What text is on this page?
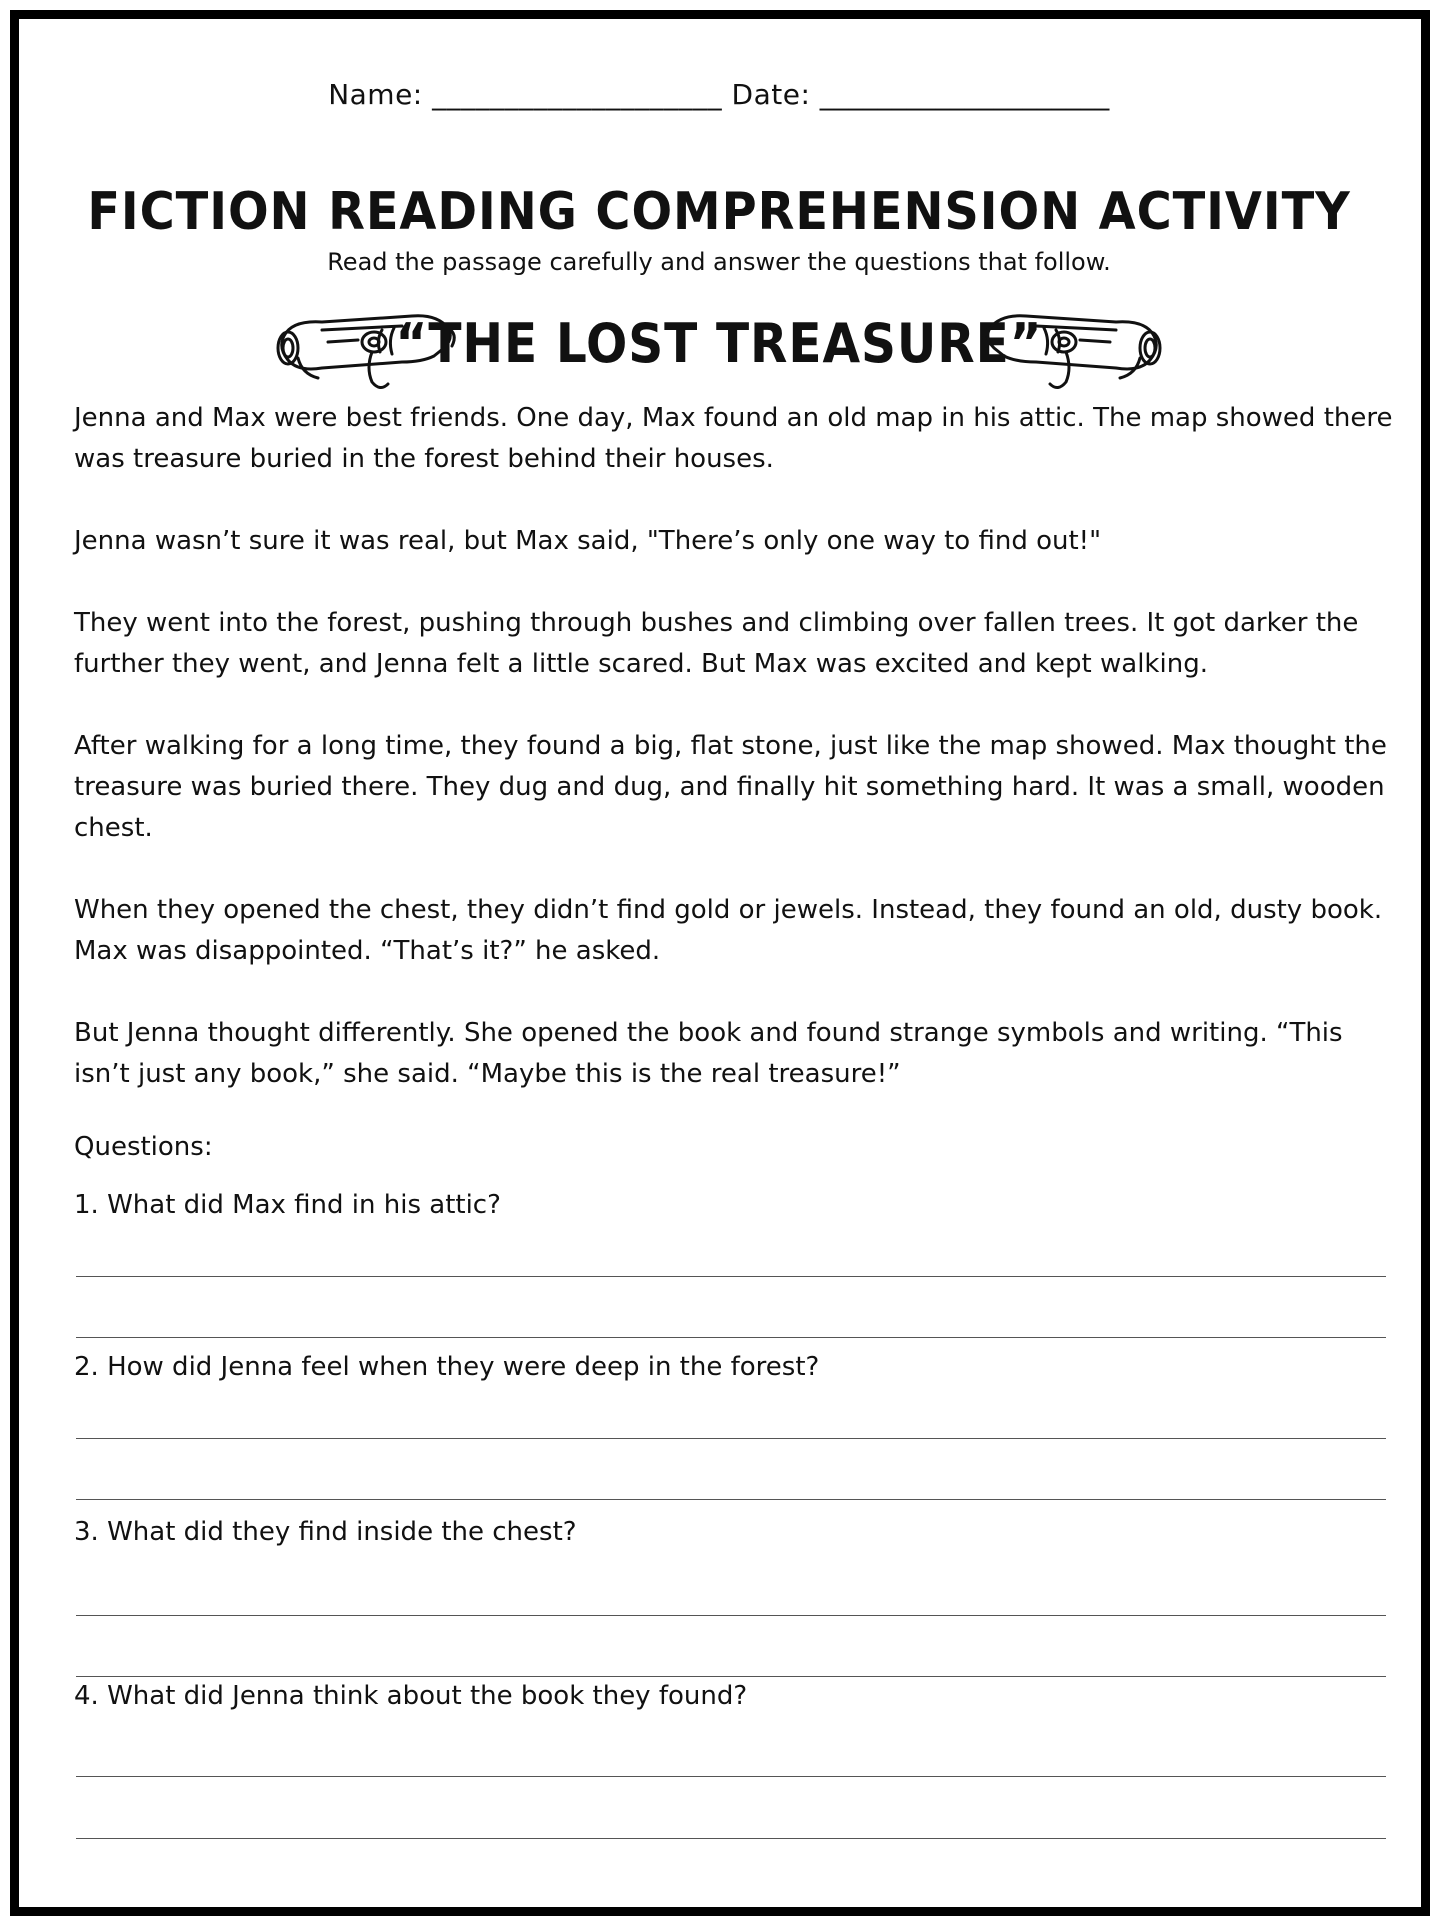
Name: ____________________ Date: ____________________
FICTION READING COMPREHENSION ACTIVITY
Read the passage carefully and answer the questions that follow.
“THE LOST TREASURE”

Jenna and Max were best friends. One day, Max found an old map in his attic. The map showed there was treasure buried in the forest behind their houses.

Jenna wasn’t sure it was real, but Max said, "There’s only one way to find out!"

They went into the forest, pushing through bushes and climbing over fallen trees. It got darker the further they went, and Jenna felt a little scared. But Max was excited and kept walking.

After walking for a long time, they found a big, flat stone, just like the map showed. Max thought the treasure was buried there. They dug and dug, and finally hit something hard. It was a small, wooden chest.

When they opened the chest, they didn’t find gold or jewels. Instead, they found an old, dusty book. Max was disappointed. “That’s it?” he asked.

But Jenna thought differently. She opened the book and found strange symbols and writing. “This isn’t just any book,” she said. “Maybe this is the real treasure!”

Questions:
1. What did Max find in his attic?
2. How did Jenna feel when they were deep in the forest?
3. What did they find inside the chest?
4. What did Jenna think about the book they found?
